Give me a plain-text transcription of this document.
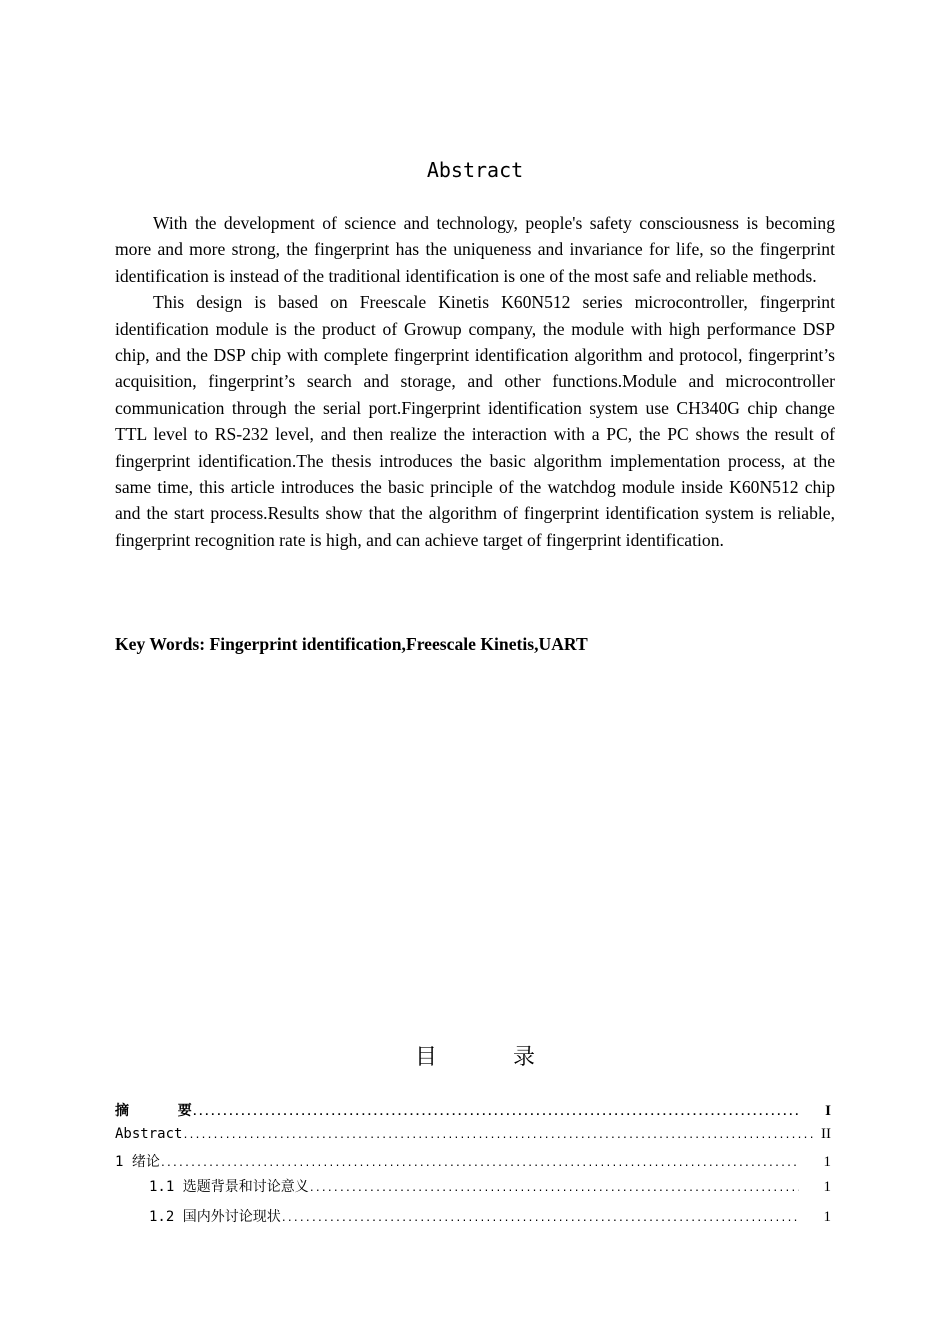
Abstract

With the development of science and technology, people's safety consciousness is becoming more and more strong, the fingerprint has the uniqueness and invariance for life, so the fingerprint identification is instead of the traditional identification is one of the most safe and reliable methods.

This design is based on Freescale Kinetis K60N512 series microcontroller, fingerprint identification module is the product of Growup company, the module with high performance DSP chip, and the DSP chip with complete fingerprint identification algorithm and protocol, fingerprint’s acquisition, fingerprint’s search and storage, and other functions.Module and microcontroller communication through the serial port.Fingerprint identification system use CH340G chip change TTL level to RS-232 level, and then realize the interaction with a PC, the PC shows the result of fingerprint identification.The thesis introduces the basic algorithm implementation process, at the same time, this article introduces the basic principle of the watchdog module inside K60N512 chip and the start process.Results show that the algorithm of fingerprint identification system is reliable, fingerprint recognition rate is high, and can achieve target of fingerprint identification.

Key Words: Fingerprint identification,Freescale Kinetis,UART
目	录
摘          要 .....	I
Abstract .....	II
1 绪论 .....	1
1.1 选题背景和讨论意义 .....	1
1.2 国内外讨论现状 .....	1
